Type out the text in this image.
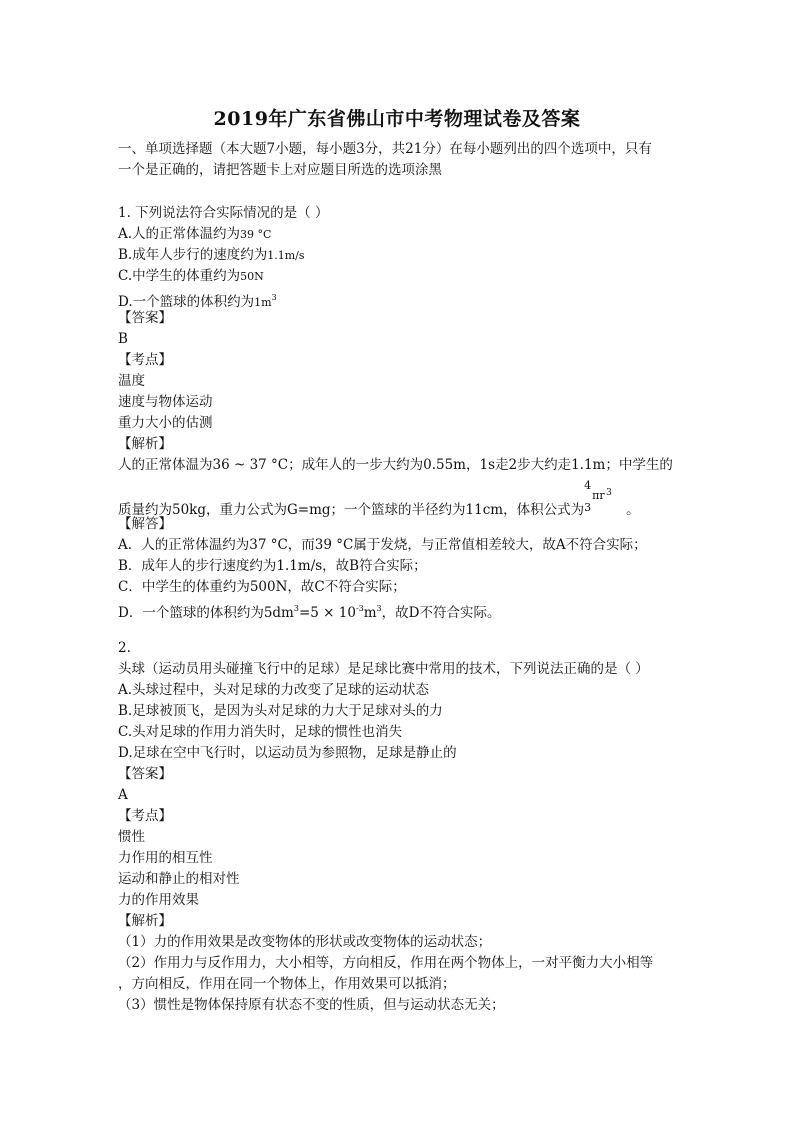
2019年广东省佛山市中考物理试卷及答案
一、单项选择题（本大题7小题，每小题3分，共21分）在每小题列出的四个选项中，只有
一个是正确的，请把答题卡上对应题目所选的选项涂黑
1. 下列说法符合实际情况的是（ ）
A.人的正常体温约为39 °C
B.成年人步行的速度约为1.1m/s
C.中学生的体重约为50N
D.一个篮球的体积约为$1m^3$
【答案】
B
【考点】
温度
速度与物体运动
重力大小的估测
【解析】
人的正常体温为36 ~ 37 °C；成年人的一步大约为0.55m，1s走2步大约走1.1m；中学生的
质量约为50kg，重力公式为G=mg；一个篮球的半径约为11cm，体积公式为
4
πr 3
3	。
【解答】
A．人的正常体温约为37 °C，而39 °C属于发烧，与正常值相差较大，故A不符合实际；
B．成年人的步行速度约为1.1m/s，故B符合实际；
C．中学生的体重约为500N，故C不符合实际；
D．一个篮球的体积约为$5dm^3=5 \times 10^{-3}m^3$，故D不符合实际。
2.
头球（运动员用头碰撞飞行中的足球）是足球比赛中常用的技术，下列说法正确的是（ ）
A.头球过程中，头对足球的力改变了足球的运动状态
B.足球被顶飞，是因为头对足球的力大于足球对头的力
C.头对足球的作用力消失时，足球的惯性也消失
D.足球在空中飞行时，以运动员为参照物，足球是静止的
【答案】
A
【考点】
惯性
力作用的相互性
运动和静止的相对性
力的作用效果
【解析】
（1）力的作用效果是改变物体的形状或改变物体的运动状态；
（2）作用力与反作用力，大小相等，方向相反，作用在两个物体上，一对平衡力大小相等
，方向相反，作用在同一个物体上，作用效果可以抵消；
（3）惯性是物体保持原有状态不变的性质，但与运动状态无关；
